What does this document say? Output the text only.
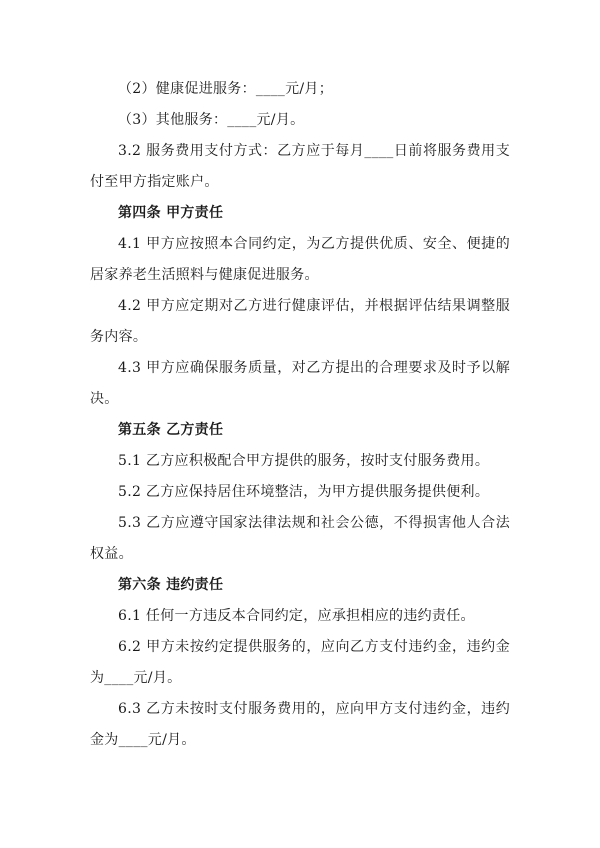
（2）健康促进服务：____元/月；

（3）其他服务：____元/月。

3.2 服务费用支付方式：乙方应于每月____日前将服务费用支付至甲方指定账户。

第四条 甲方责任

4.1 甲方应按照本合同约定，为乙方提供优质、安全、便捷的居家养老生活照料与健康促进服务。

4.2 甲方应定期对乙方进行健康评估，并根据评估结果调整服务内容。

4.3 甲方应确保服务质量，对乙方提出的合理要求及时予以解决。

第五条 乙方责任

5.1 乙方应积极配合甲方提供的服务，按时支付服务费用。

5.2 乙方应保持居住环境整洁，为甲方提供服务提供便利。

5.3 乙方应遵守国家法律法规和社会公德，不得损害他人合法权益。

第六条 违约责任

6.1 任何一方违反本合同约定，应承担相应的违约责任。

6.2 甲方未按约定提供服务的，应向乙方支付违约金，违约金为____元/月。

6.3 乙方未按时支付服务费用的，应向甲方支付违约金，违约金为____元/月。
